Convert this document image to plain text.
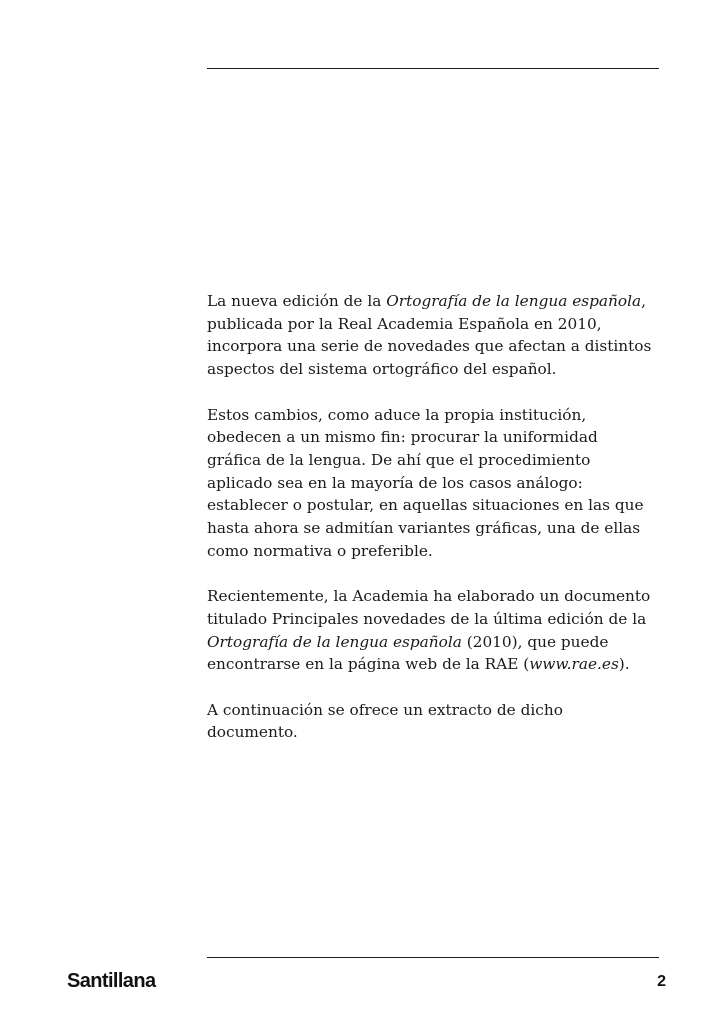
La nueva edición de la Ortografía de la lengua española,
publicada por la Real Academia Española en 2010,
incorpora una serie de novedades que afectan a distintos
aspectos del sistema ortográfico del español.

Estos cambios, como aduce la propia institución,
obedecen a un mismo fin: procurar la uniformidad
gráfica de la lengua. De ahí que el procedimiento
aplicado sea en la mayoría de los casos análogo:
establecer o postular, en aquellas situaciones en las que
hasta ahora se admitían variantes gráficas, una de ellas
como normativa o preferible.

Recientemente, la Academia ha elaborado un documento
titulado Principales novedades de la última edición de la
Ortografía de la lengua española (2010), que puede
encontrarse en la página web de la RAE (www.rae.es).

A continuación se ofrece un extracto de dicho
documento.

Santillana	2
